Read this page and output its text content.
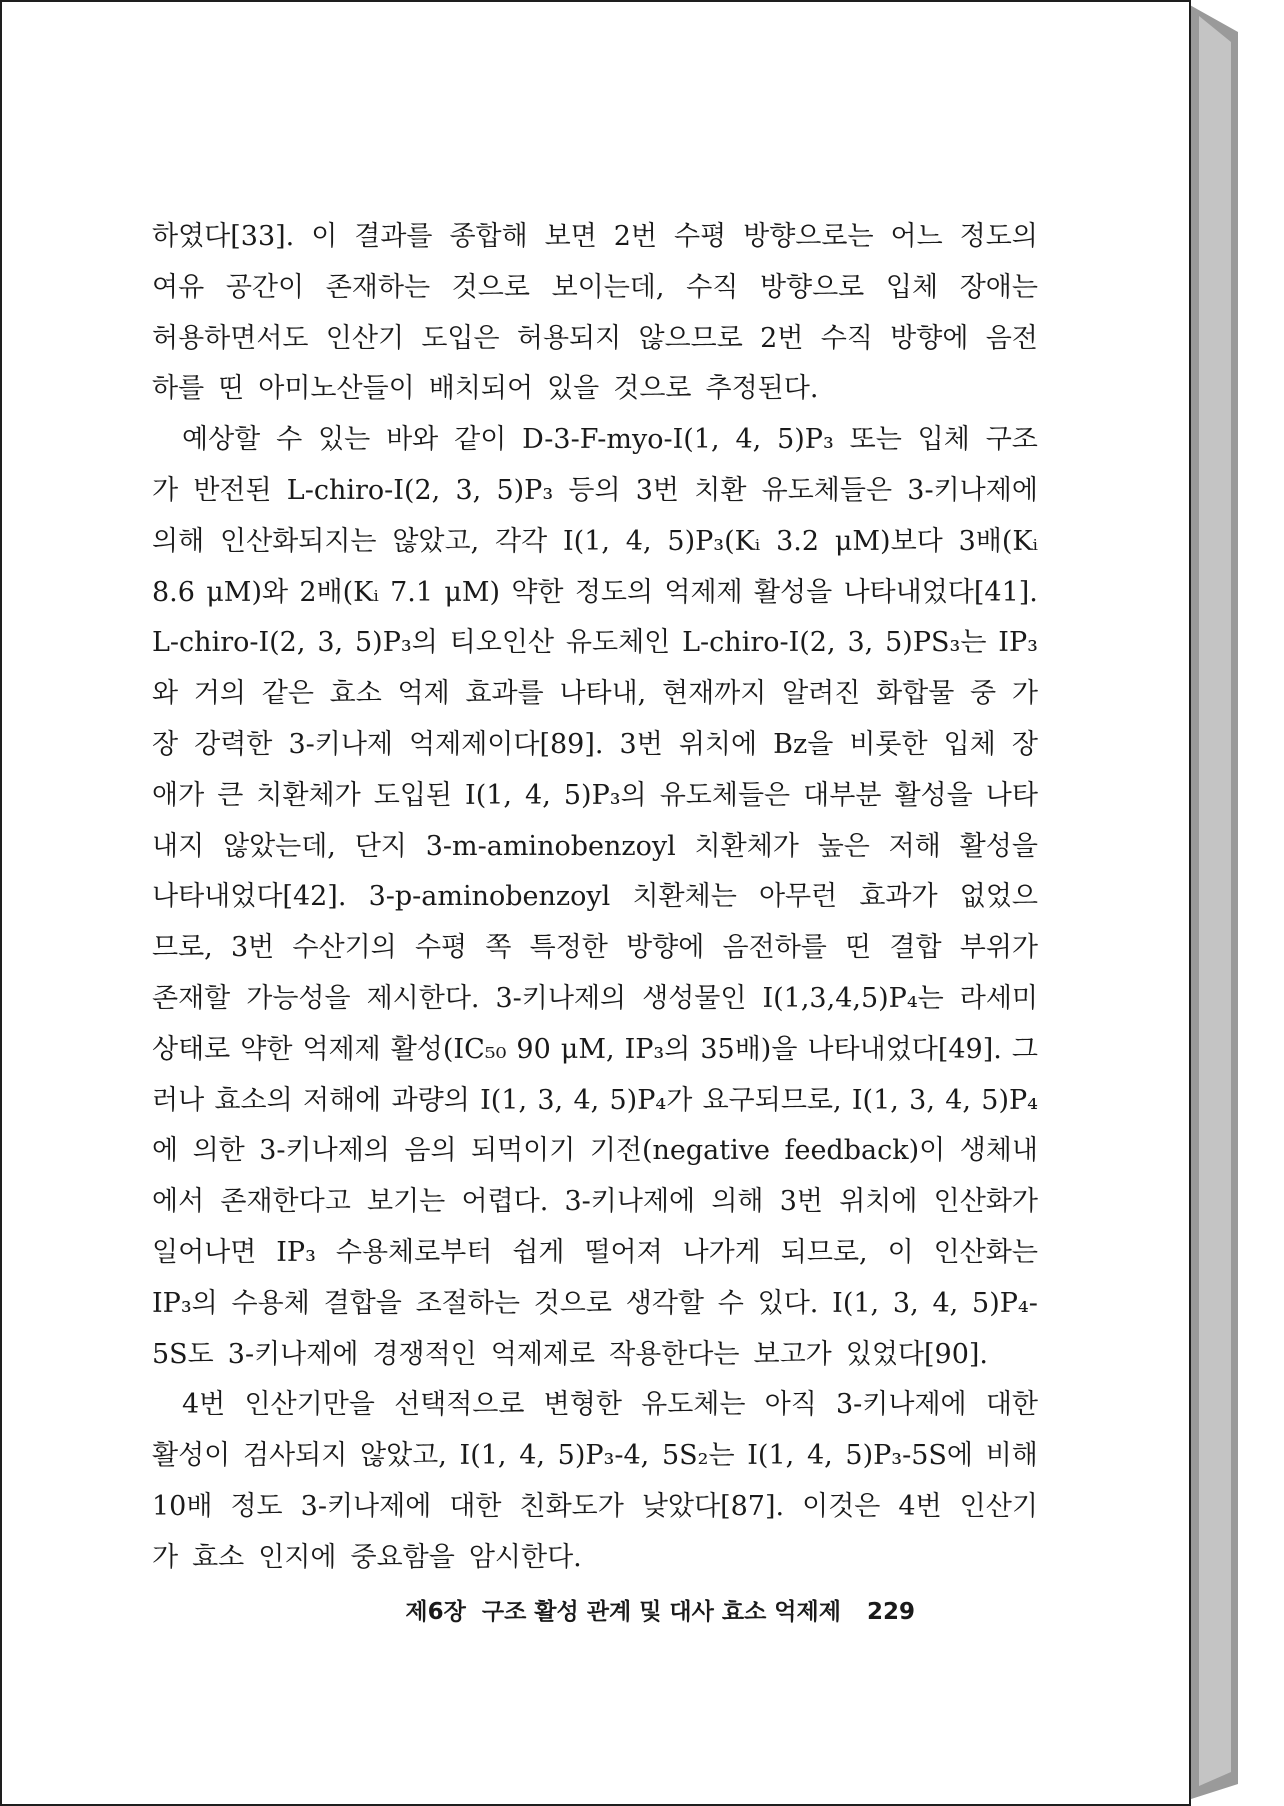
하였다[33]. 이 결과를 종합해 보면 2번 수평 방향으로는 어느 정도의
여유 공간이 존재하는 것으로 보이는데, 수직 방향으로 입체 장애는
허용하면서도 인산기 도입은 허용되지 않으므로 2번 수직 방향에 음전
하를 띤 아미노산들이 배치되어 있을 것으로 추정된다.
예상할 수 있는 바와 같이 D-3-F-myo-I(1, 4, 5)P₃ 또는 입체 구조
가 반전된 L-chiro-I(2, 3, 5)P₃ 등의 3번 치환 유도체들은 3-키나제에
의해 인산화되지는 않았고, 각각 I(1, 4, 5)P₃(Kᵢ 3.2 μM)보다 3배(Kᵢ
8.6 μM)와 2배(Kᵢ 7.1 μM) 약한 정도의 억제제 활성을 나타내었다[41].
L-chiro-I(2, 3, 5)P₃의 티오인산 유도체인 L-chiro-I(2, 3, 5)PS₃는 IP₃
와 거의 같은 효소 억제 효과를 나타내, 현재까지 알려진 화합물 중 가
장 강력한 3-키나제 억제제이다[89]. 3번 위치에 Bz을 비롯한 입체 장
애가 큰 치환체가 도입된 I(1, 4, 5)P₃의 유도체들은 대부분 활성을 나타
내지 않았는데, 단지 3-m-aminobenzoyl 치환체가 높은 저해 활성을
나타내었다[42]. 3-p-aminobenzoyl 치환체는 아무런 효과가 없었으
므로, 3번 수산기의 수평 쪽 특정한 방향에 음전하를 띤 결합 부위가
존재할 가능성을 제시한다. 3-키나제의 생성물인 I(1,3,4,5)P₄는 라세미
상태로 약한 억제제 활성(IC₅₀ 90 μM, IP₃의 35배)을 나타내었다[49]. 그
러나 효소의 저해에 과량의 I(1, 3, 4, 5)P₄가 요구되므로, I(1, 3, 4, 5)P₄
에 의한 3-키나제의 음의 되먹이기 기전(negative feedback)이 생체내
에서 존재한다고 보기는 어렵다. 3-키나제에 의해 3번 위치에 인산화가
일어나면 IP₃ 수용체로부터 쉽게 떨어져 나가게 되므로, 이 인산화는
IP₃의 수용체 결합을 조절하는 것으로 생각할 수 있다. I(1, 3, 4, 5)P₄-
5S도 3-키나제에 경쟁적인 억제제로 작용한다는 보고가 있었다[90].
4번 인산기만을 선택적으로 변형한 유도체는 아직 3-키나제에 대한
활성이 검사되지 않았고, I(1, 4, 5)P₃-4, 5S₂는 I(1, 4, 5)P₃-5S에 비해
10배 정도 3-키나제에 대한 친화도가 낮았다[87]. 이것은 4번 인산기
가 효소 인지에 중요함을 암시한다.
제6장 구조 활성 관계 및 대사 효소 억제제 229
